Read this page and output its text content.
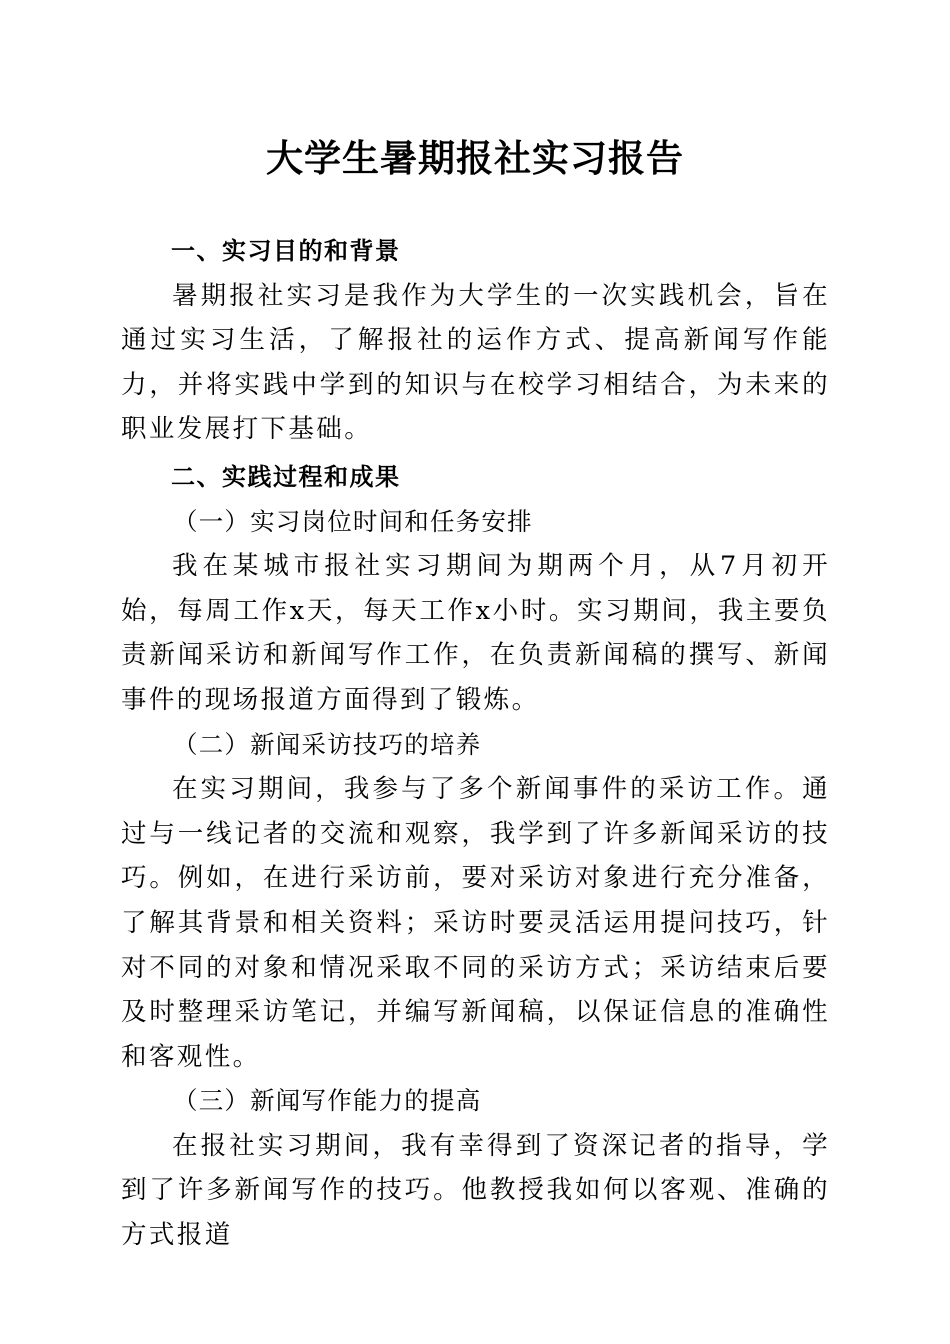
大学生暑期报社实习报告

一、实习目的和背景

暑期报社实习是我作为大学生的一次实践机会，旨在通过实习生活，了解报社的运作方式、提高新闻写作能力，并将实践中学到的知识与在校学习相结合，为未来的职业发展打下基础。

二、实践过程和成果

（一）实习岗位时间和任务安排

我在某城市报社实习期间为期两个月，从7月初开始，每周工作x天，每天工作x小时。实习期间，我主要负责新闻采访和新闻写作工作，在负责新闻稿的撰写、新闻事件的现场报道方面得到了锻炼。

（二）新闻采访技巧的培养

在实习期间，我参与了多个新闻事件的采访工作。通过与一线记者的交流和观察，我学到了许多新闻采访的技巧。例如，在进行采访前，要对采访对象进行充分准备，了解其背景和相关资料；采访时要灵活运用提问技巧，针对不同的对象和情况采取不同的采访方式；采访结束后要及时整理采访笔记，并编写新闻稿，以保证信息的准确性和客观性。

（三）新闻写作能力的提高

在报社实习期间，我有幸得到了资深记者的指导，学到了许多新闻写作的技巧。他教授我如何以客观、准确的方式报道
